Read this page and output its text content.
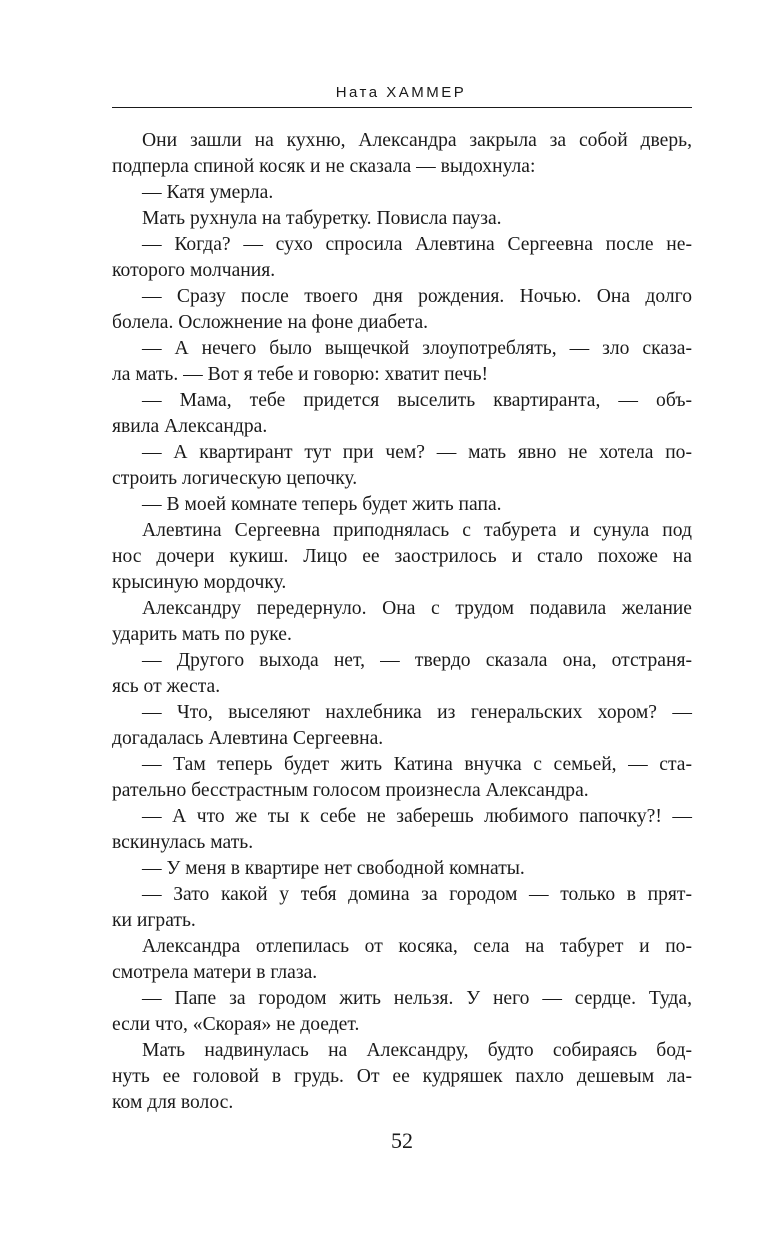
Ната ХАММЕР

Они зашли на кухню, Александра закрыла за собой дверь,
подперла спиной косяк и не сказала — выдохнула:

— Катя умерла.

Мать рухнула на табуретку. Повисла пауза.

— Когда? — сухо спросила Алевтина Сергеевна после не-
которого молчания.

— Сразу после твоего дня рождения. Ночью. Она долго
болела. Осложнение на фоне диабета.

— А нечего было выщечкой злоупотреблять, — зло сказа-
ла мать. — Вот я тебе и говорю: хватит печь!

— Мама, тебе придется выселить квартиранта, — объ-
явила Александра.

— А квартирант тут при чем? — мать явно не хотела по-
строить логическую цепочку.

— В моей комнате теперь будет жить папа.

Алевтина Сергеевна приподнялась с табурета и сунула под
нос дочери кукиш. Лицо ее заострилось и стало похоже на
крысиную мордочку.

Александру передернуло. Она с трудом подавила желание
ударить мать по руке.

— Другого выхода нет, — твердо сказала она, отстраня-
ясь от жеста.

— Что, выселяют нахлебника из генеральских хором? —
догадалась Алевтина Сергеевна.

— Там теперь будет жить Катина внучка с семьей, — ста-
рательно бесстрастным голосом произнесла Александра.

— А что же ты к себе не заберешь любимого папочку?! —
вскинулась мать.

— У меня в квартире нет свободной комнаты.

— Зато какой у тебя домина за городом — только в прят-
ки играть.

Александра отлепилась от косяка, села на табурет и по-
смотрела матери в глаза.

— Папе за городом жить нельзя. У него — сердце. Туда,
если что, «Скорая» не доедет.

Мать надвинулась на Александру, будто собираясь бод-
нуть ее головой в грудь. От ее кудряшек пахло дешевым ла-
ком для волос.

52
